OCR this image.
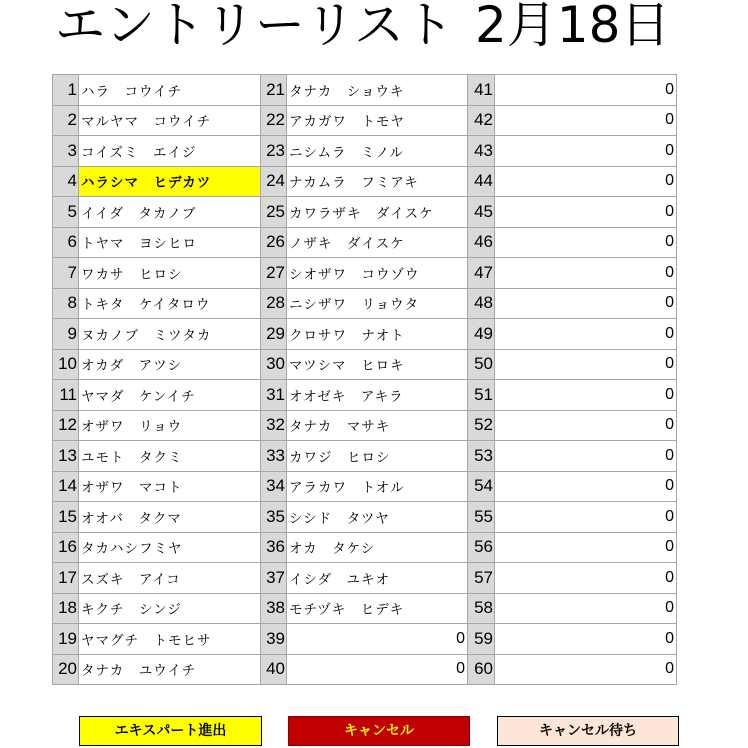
エントリーリスト 2月18日
1	ハラ　コウイチ	21	タナカ　ショウキ	41	0	
2	マルヤマ　コウイチ	22	アカガワ　トモヤ	42	0	
3	コイズミ　エイジ	23	ニシムラ　ミノル	43	0	
4	ハラシマ　ヒデカツ	24	ナカムラ　フミアキ	44	0	
5	イイダ　タカノブ	25	カワラザキ　ダイスケ	45	0	
6	トヤマ　ヨシヒロ	26	ノザキ　ダイスケ	46	0	
7	ワカサ　ヒロシ	27	シオザワ　コウゾウ	47	0	
8	トキタ　ケイタロウ	28	ニシザワ　リョウタ	48	0	
9	ヌカノブ　ミツタカ	29	クロサワ　ナオト	49	0	
10	オカダ　アツシ	30	マツシマ　ヒロキ	50	0	
11	ヤマダ　ケンイチ	31	オオゼキ　アキラ	51	0	
12	オザワ　リョウ	32	タナカ　マサキ	52	0	
13	ユモト　タクミ	33	カワジ　ヒロシ	53	0	
14	オザワ　マコト	34	アラカワ　トオル	54	0	
15	オオバ　タクマ	35	シシド　タツヤ	55	0	
16	タカハシフミヤ	36	オカ　タケシ	56	0	
17	スズキ　アイコ	37	イシダ　ユキオ	57	0	
18	キクチ　シンジ	38	モチヅキ　ヒデキ	58	0	
19	ヤマグチ　トモヒサ	39	0	59	0	
20	タナカ　ユウイチ	40	0	60	0	
エキスパート進出	キャンセル	キャンセル待ち
